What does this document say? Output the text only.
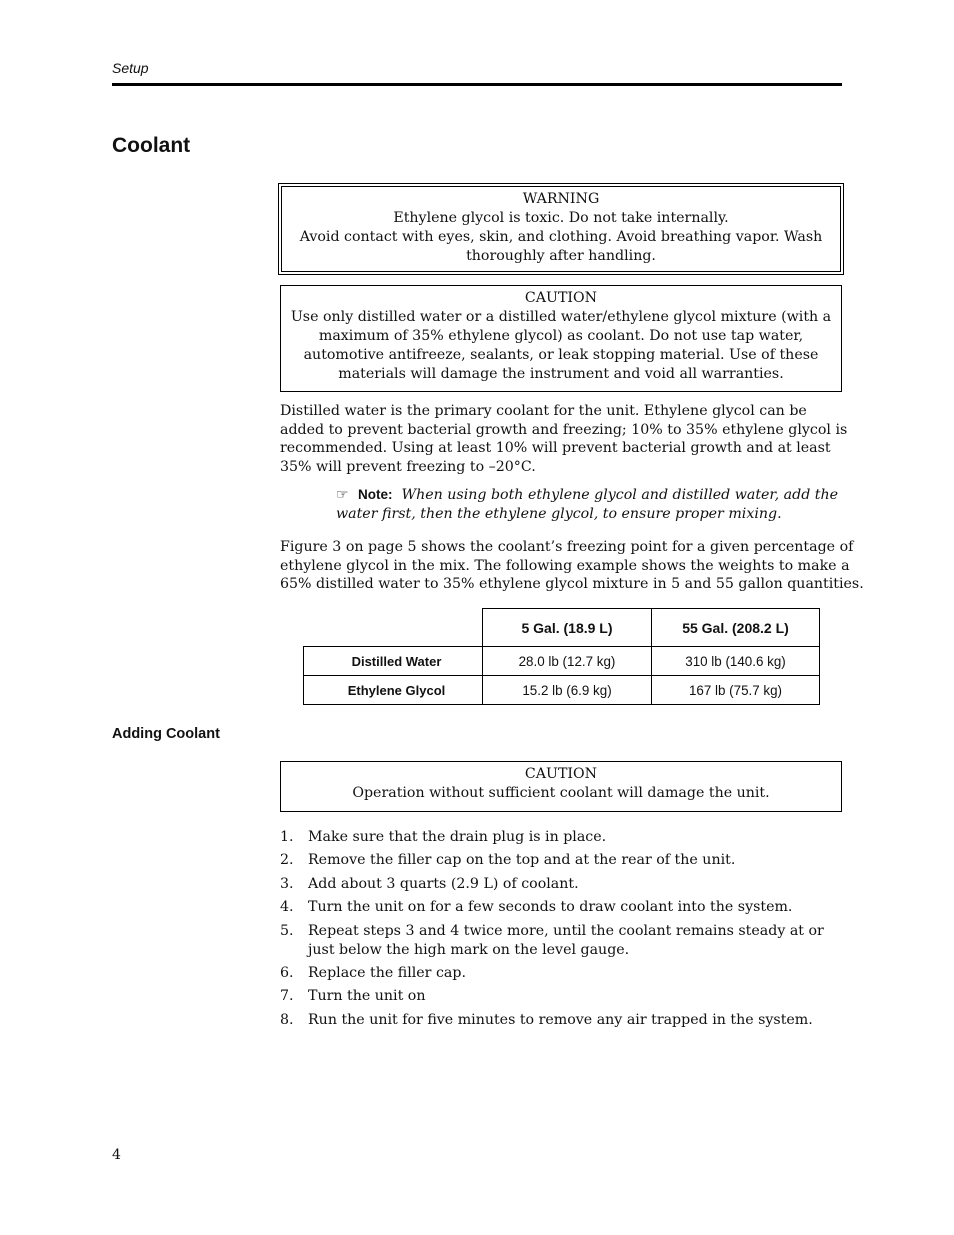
Setup
Coolant
WARNING
Ethylene glycol is toxic. Do not take internally.
Avoid contact with eyes, skin, and clothing. Avoid breathing vapor. Wash
thoroughly after handling.
CAUTION
Use only distilled water or a distilled water/ethylene glycol mixture (with a
maximum of 35% ethylene glycol) as coolant. Do not use tap water,
automotive antifreeze, sealants, or leak stopping material. Use of these
materials will damage the instrument and void all warranties.
Distilled water is the primary coolant for the unit. Ethylene glycol can be
added to prevent bacterial growth and freezing; 10% to 35% ethylene glycol is
recommended. Using at least 10% will prevent bacterial growth and at least
35% will prevent freezing to –20°C.
☞ Note: When using both ethylene glycol and distilled water, add the
water first, then the ethylene glycol, to ensure proper mixing.
Figure 3 on page 5 shows the coolant’s freezing point for a given percentage of
ethylene glycol in the mix. The following example shows the weights to make a
65% distilled water to 35% ethylene glycol mixture in 5 and 55 gallon quantities.
	5 Gal. (18.9 L)	55 Gal. (208.2 L)
Distilled Water	28.0 lb (12.7 kg)	310 lb (140.6 kg)
Ethylene Glycol	15.2 lb (6.9 kg)	167 lb (75.7 kg)
Adding Coolant
CAUTION
Operation without sufficient coolant will damage the unit.
1. Make sure that the drain plug is in place.
2. Remove the filler cap on the top and at the rear of the unit.
3. Add about 3 quarts (2.9 L) of coolant.
4. Turn the unit on for a few seconds to draw coolant into the system.
5. Repeat steps 3 and 4 twice more, until the coolant remains steady at or
just below the high mark on the level gauge.
6. Replace the filler cap.
7. Turn the unit on
8. Run the unit for five minutes to remove any air trapped in the system.
4
